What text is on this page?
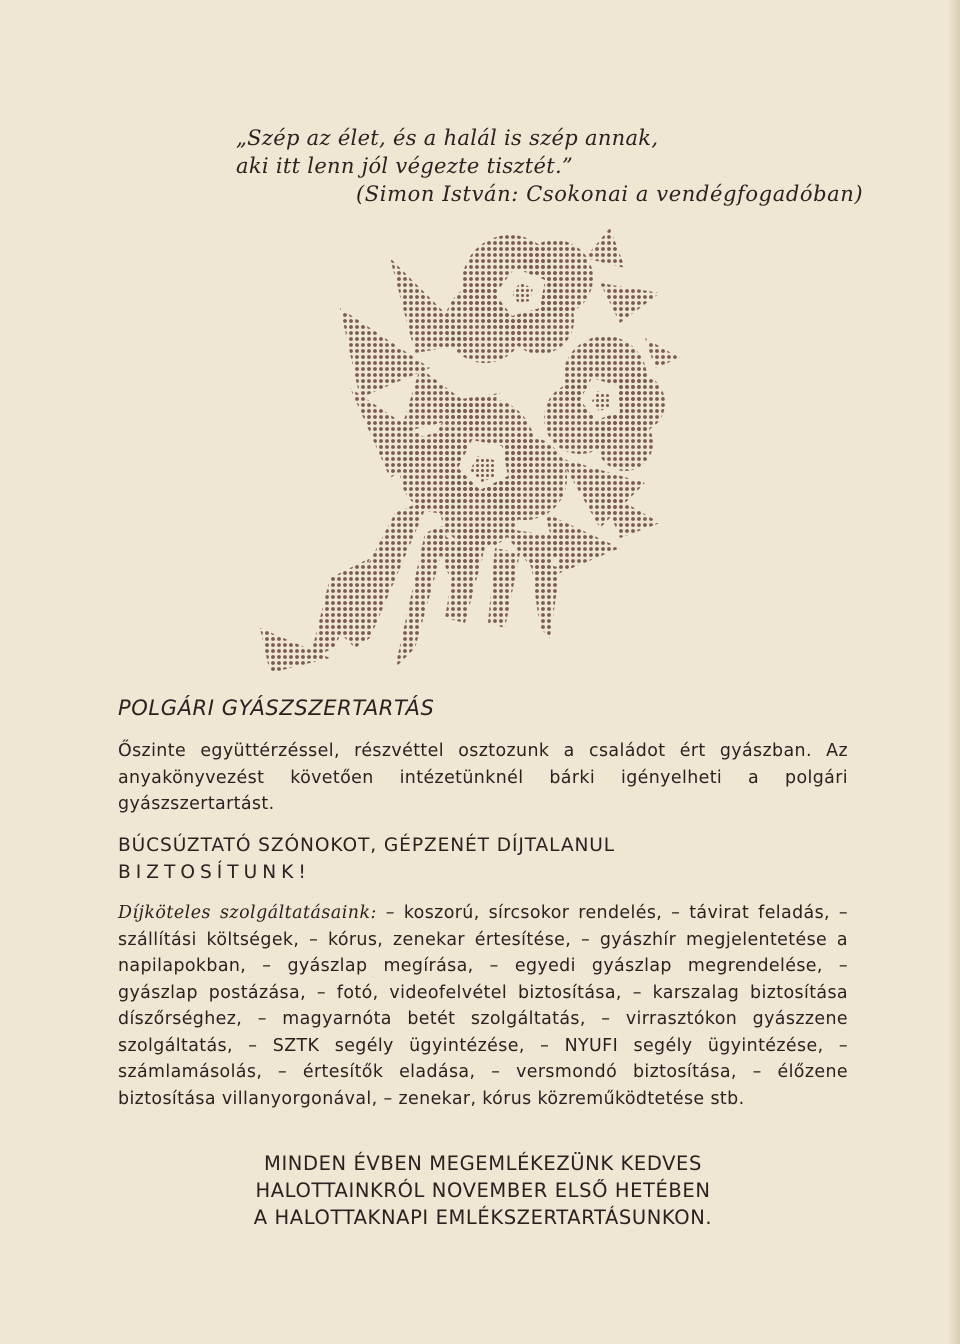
„Szép az élet, és a halál is szép annak,
aki itt lenn jól végezte tisztét.”
(Simon István: Csokonai a vendégfogadóban)
POLGÁRI GYÁSZSZERTARTÁS
Őszinte együttérzéssel, részvéttel osztozunk a családot ért gyászban. Az anyakönyvezést követően intézetünknél bárki igényelheti a polgári gyászszertartást.
BÚCSÚZTATÓ SZÓNOKOT, GÉPZENÉT DÍJTALANUL
BIZTOSÍTUNK!
Díjköteles szolgáltatásaink: – koszorú, sírcsokor rendelés, – távirat feladás, – szállítási költségek, – kórus, zenekar értesítése, – gyászhír megjelentetése a napilapokban, – gyászlap megírása, – egyedi gyászlap megrendelése, – gyászlap postázása, – fotó, videofelvétel biztosítása, – karszalag biztosítása díszőrséghez, – magyarnóta betét szolgáltatás, – virrasztókon gyászzene szolgáltatás, – SZTK segély ügyintézése, – NYUFI segély ügyintézése, – számlamásolás, – értesítők eladása, – versmondó biztosítása, – élőzene biztosítása villanyorgonával, – zenekar, kórus közreműködtetése stb.
MINDEN ÉVBEN MEGEMLÉKEZÜNK KEDVES
HALOTTAINKRÓL NOVEMBER ELSŐ HETÉBEN
A HALOTTAKNAPI EMLÉKSZERTARTÁSUNKON.
